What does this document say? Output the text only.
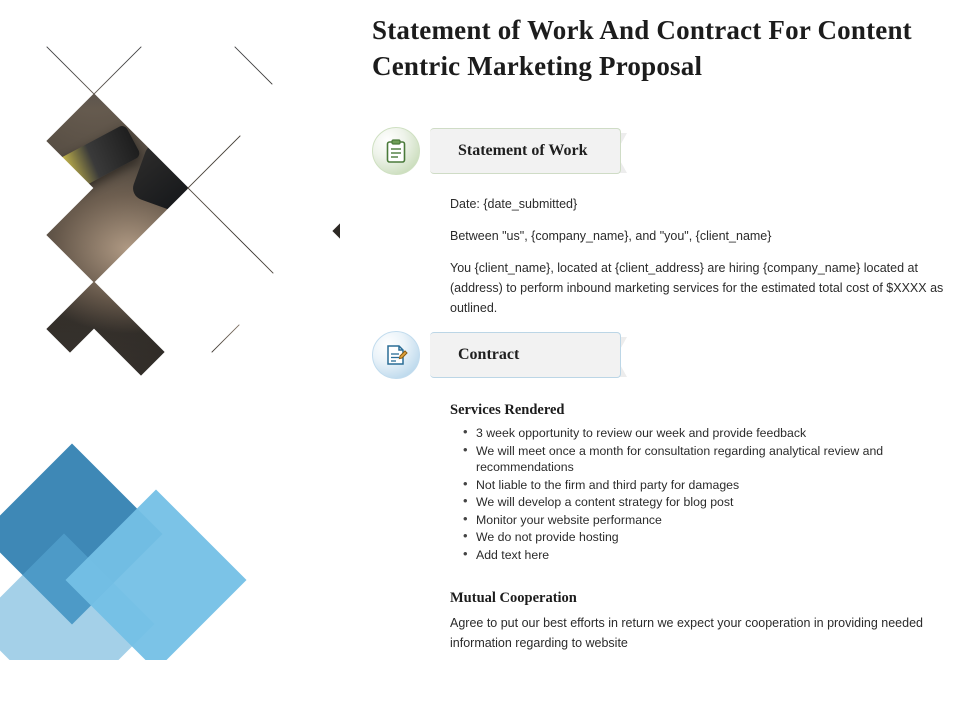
Statement of Work And Contract For Content Centric Marketing Proposal
Statement of Work

Date: {date_submitted}

Between "us", {company_name}, and "you", {client_name}

You {client_name}, located at {client_address} are hiring {company_name} located at (address) to perform inbound marketing services for the estimated total cost of $XXXX as outlined.

Contract
Services Rendered
• 3 week opportunity to review our week and provide feedback
• We will meet once a month for consultation regarding analytical review and recommendations
• Not liable to the firm and third party for damages
• We will develop a content strategy for blog post
• Monitor your website performance
• We do not provide hosting
• Add text here
Mutual Cooperation

Agree to put our best efforts in return we expect your cooperation in providing needed information regarding to website
